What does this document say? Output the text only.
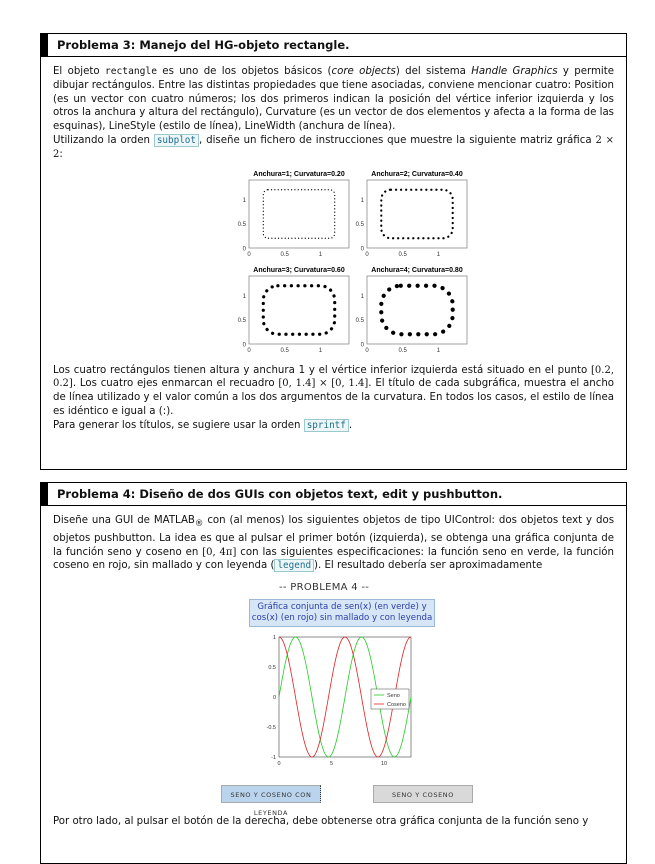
Problema 3: Manejo del HG-objeto rectangle.

El objeto rectangle es uno de los objetos básicos (core objects) del sistema Handle Graphics y permite dibujar rectángulos. Entre las distintas propiedades que tiene asociadas, conviene mencionar cuatro: Position (es un vector con cuatro números; los dos primeros indican la posición del vértice inferior izquierda y los otros la anchura y altura del rectángulo), Curvature (es un vector de dos elementos y afecta a la forma de las esquinas), LineStyle (estilo de línea), LineWidth (anchura de línea).

Utilizando la orden subplot , diseñe un fichero de instrucciones que muestre la siguiente matriz gráfica 2 × 2:

Anchura=1; Curvatura=0.20
1
0.5
0
0	0.5	1
Anchura=2; Curvatura=0.40
1
0.5
0
0	0.5	1
Anchura=3; Curvatura=0.60
1
0.5
0
0	0.5	1
Anchura=4; Curvatura=0.80
1
0.5
0
0	0.5	1

Los cuatro rectángulos tienen altura y anchura 1 y el vértice inferior izquierda está situado en el punto [0.2, 0.2]. Los cuatro ejes enmarcan el recuadro [0, 1.4] × [0, 1.4]. El título de cada subgráfica, muestra el ancho de línea utilizado y el valor común a los dos argumentos de la curvatura. En todos los casos, el estilo de línea es idéntico e igual a (:).

Para generar los títulos, se sugiere usar la orden sprintf .

Problema 4: Diseño de dos GUIs con objetos text, edit y pushbutton.

Diseñe una GUI de $MATLAB_®$ con (al menos) los siguientes objetos de tipo UIControl: dos objetos text y dos objetos pushbutton. La idea es que al pulsar el primer botón (izquierda), se obtenga una gráfica conjunta de la función seno y coseno en [0, 4π] con las siguientes especificaciones: la función seno en verde, la función coseno en rojo, sin mallado y con leyenda ( legend ). El resultado debería ser aproximadamente

-- PROBLEMA 4 --
Gráfica conjunta de sen(x) (en verde) y
cos(x) (en rojo) sin mallado y con leyenda
1
0.5
0
-0.5
-1
0	5	10
Seno
Coseno
SENO Y COSENO CON LEYENDA
SENO Y COSENO

Por otro lado, al pulsar el botón de la derecha, debe obtenerse otra gráfica conjunta de la función seno y
